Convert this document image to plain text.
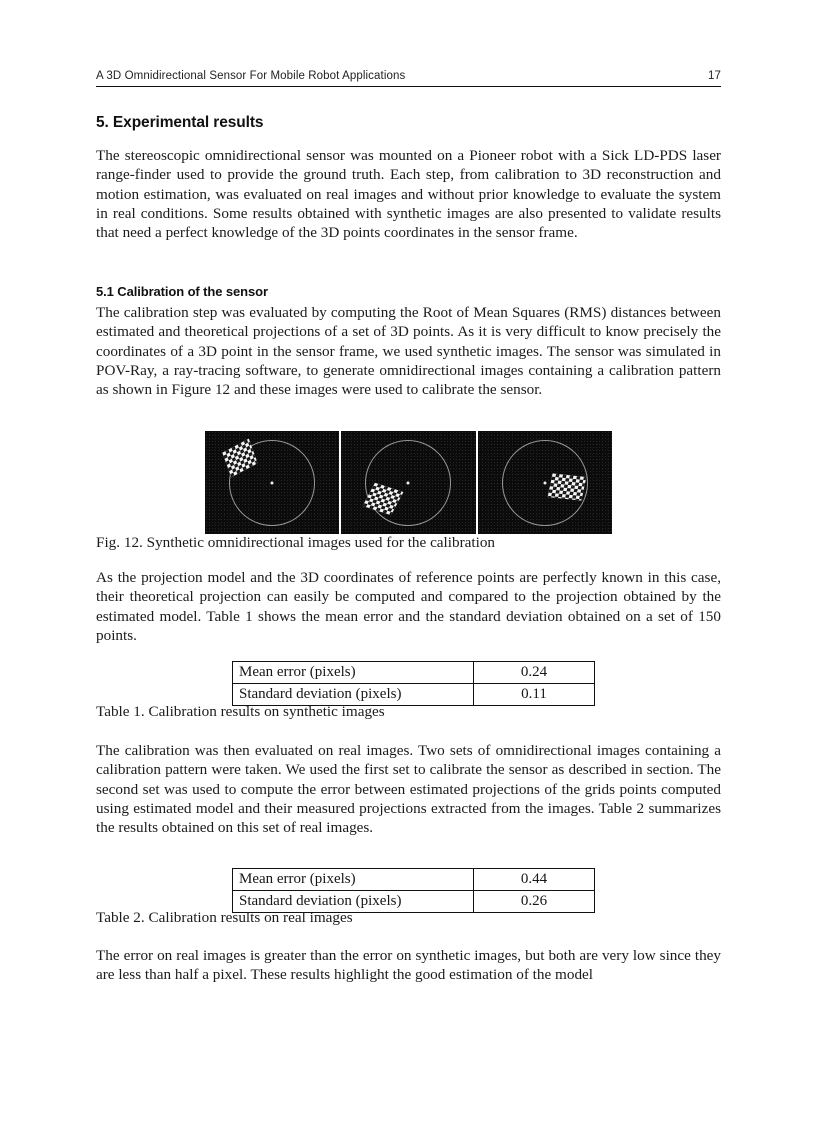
A 3D Omnidirectional Sensor For Mobile Robot Applications	17
5. Experimental results

The stereoscopic omnidirectional sensor was mounted on a Pioneer robot with a Sick LD-PDS laser range-finder used to provide the ground truth. Each step, from calibration to 3D reconstruction and motion estimation, was evaluated on real images and without prior knowledge to evaluate the system in real conditions. Some results obtained with synthetic images are also presented to validate results that need a perfect knowledge of the 3D points coordinates in the sensor frame.

5.1 Calibration of the sensor

The calibration step was evaluated by computing the Root of Mean Squares (RMS) distances between estimated and theoretical projections of a set of 3D points. As it is very difficult to know precisely the coordinates of a 3D point in the sensor frame, we used synthetic images. The sensor was simulated in POV-Ray, a ray-tracing software, to generate omnidirectional images containing a calibration pattern as shown in Figure 12 and these images were used to calibrate the sensor.

Fig. 12. Synthetic omnidirectional images used for the calibration

As the projection model and the 3D coordinates of reference points are perfectly known in this case, their theoretical projection can easily be computed and compared to the projection obtained by the estimated model. Table 1 shows the mean error and the standard deviation obtained on a set of 150 points.

Mean error (pixels)	0.24
Standard deviation (pixels)	0.11

Table 1. Calibration results on synthetic images

The calibration was then evaluated on real images. Two sets of omnidirectional images containing a calibration pattern were taken. We used the first set to calibrate the sensor as described in section. The second set was used to compute the error between estimated projections of the grids points computed using estimated model and their measured projections extracted from the images. Table 2 summarizes the results obtained on this set of real images.

Mean error (pixels)	0.44
Standard deviation (pixels)	0.26

Table 2. Calibration results on real images

The error on real images is greater than the error on synthetic images, but both are very low since they are less than half a pixel. These results highlight the good estimation of the model
